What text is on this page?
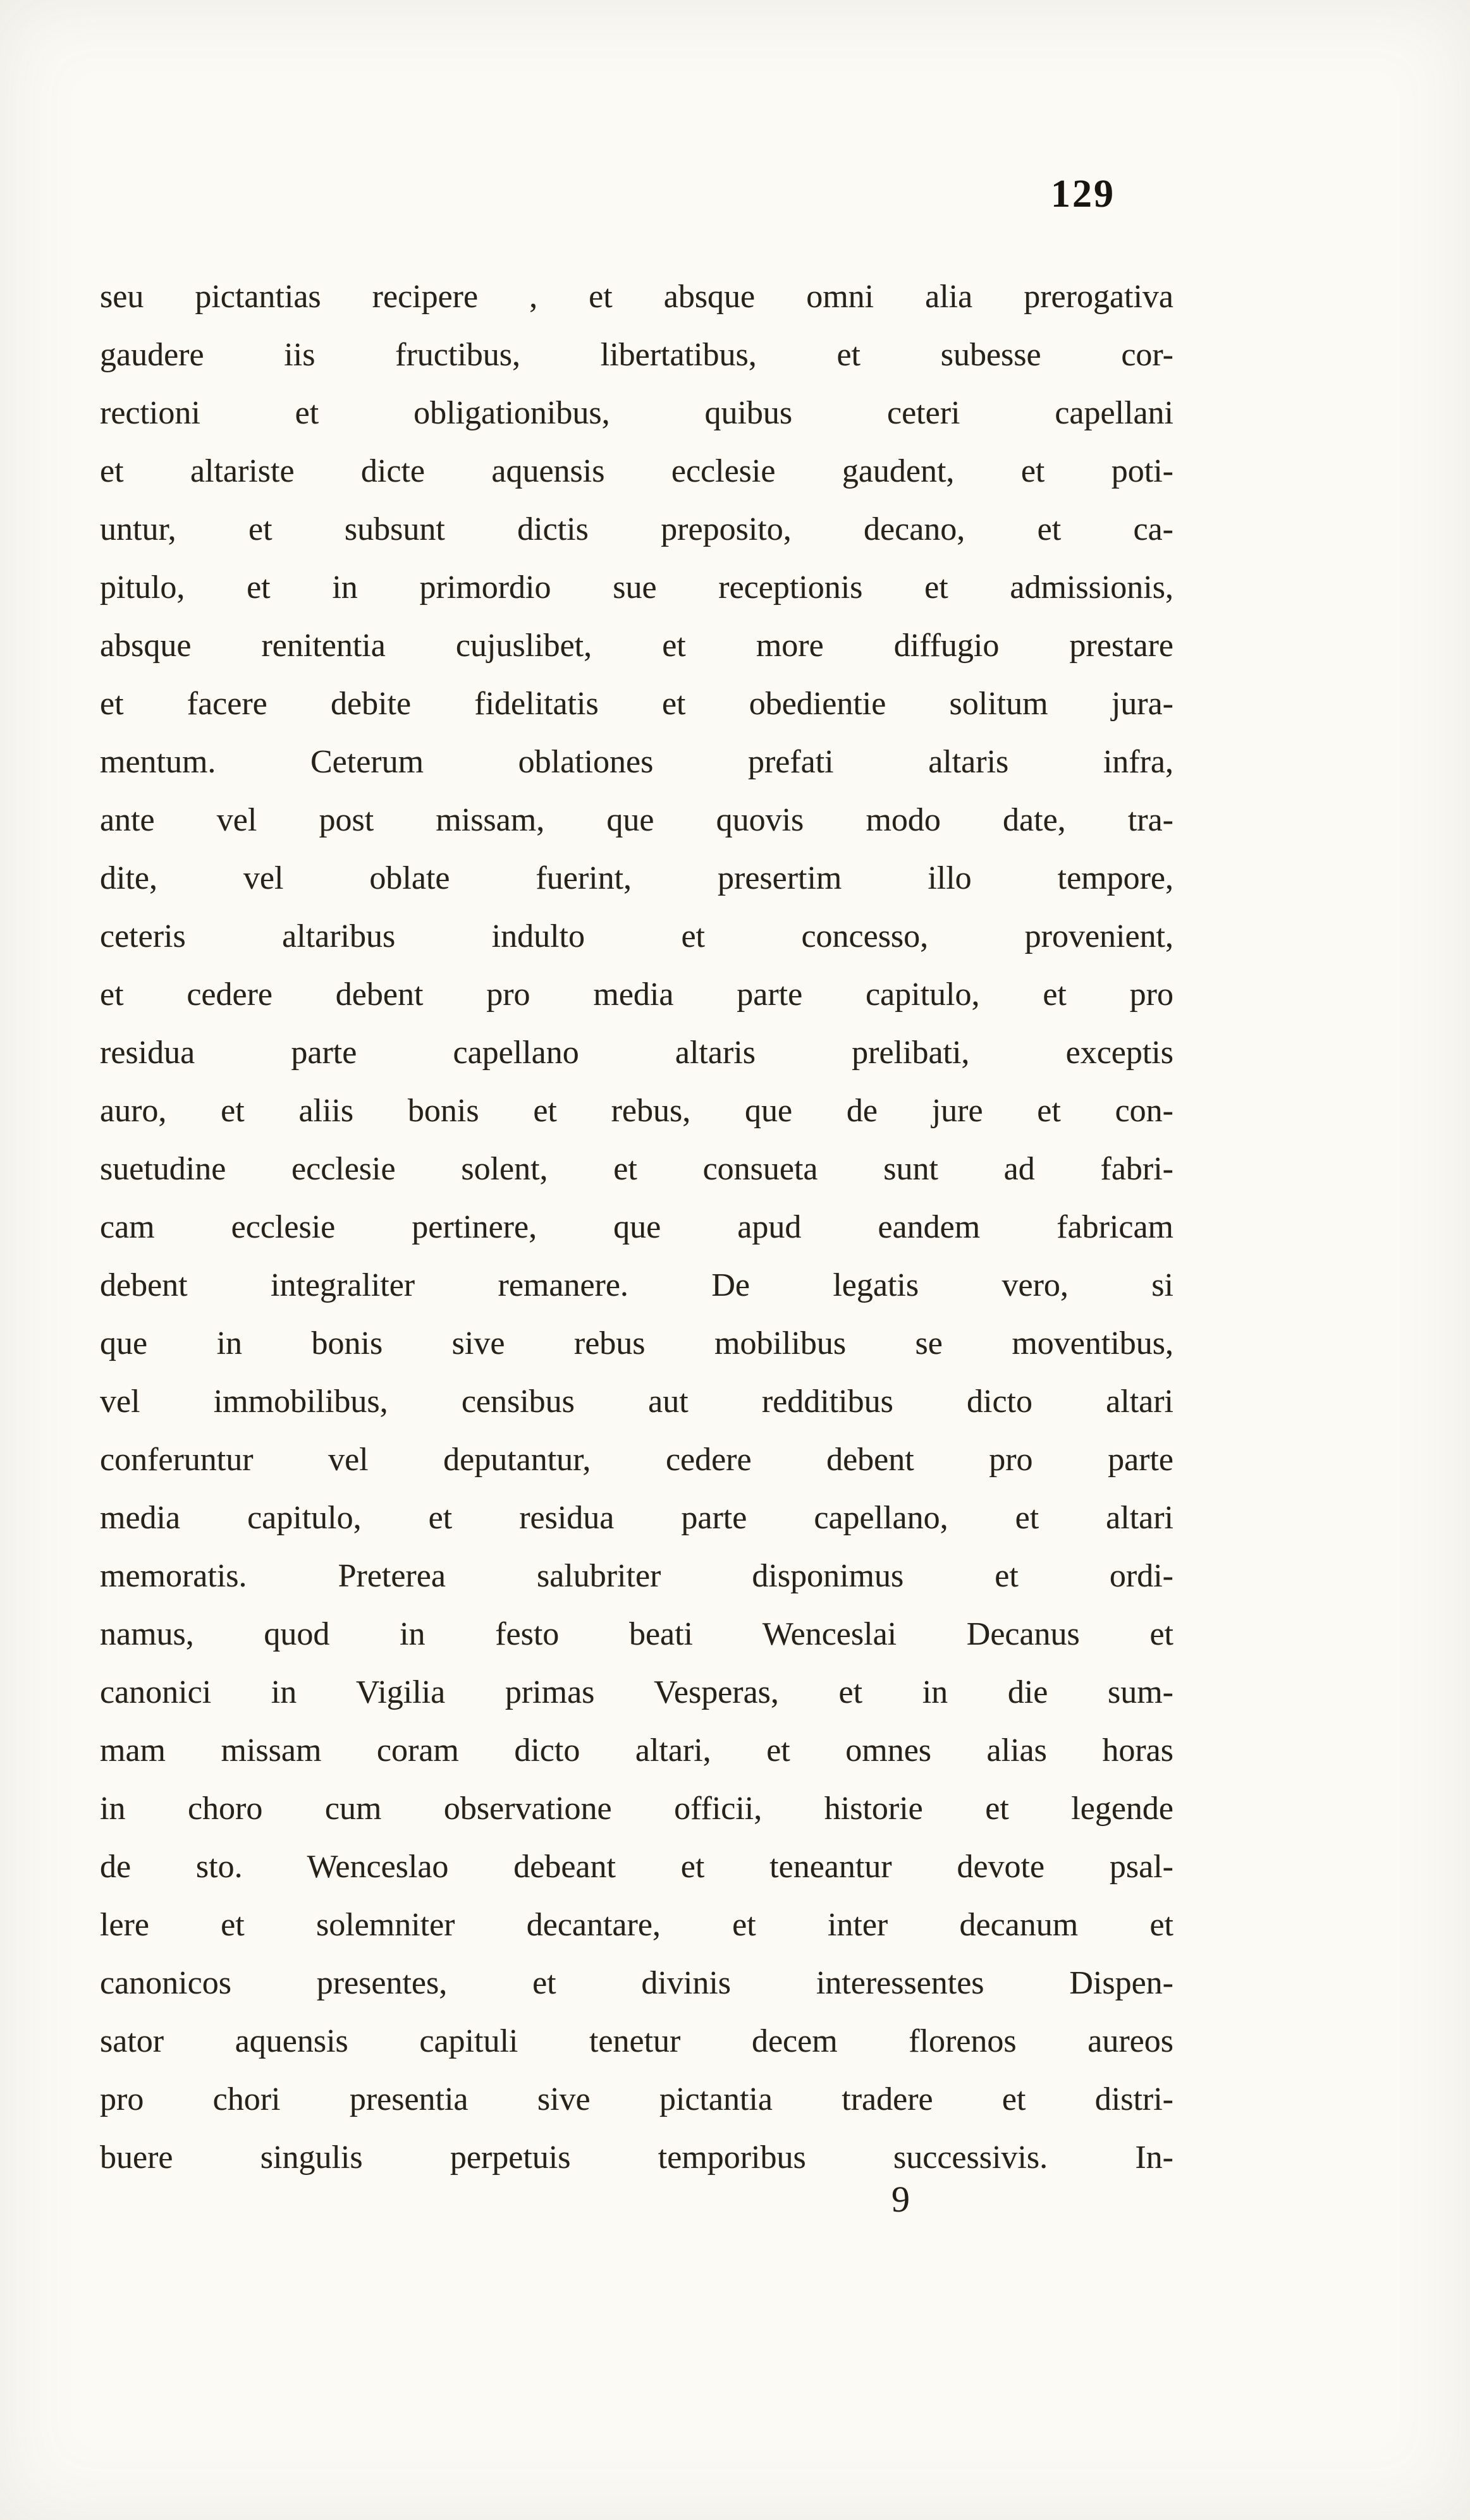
129
seu pictantias recipere , et absque omni alia prerogativa
gaudere iis fructibus, libertatibus, et subesse cor-
rectioni et obligationibus, quibus ceteri capellani
et altariste dicte aquensis ecclesie gaudent, et poti-
untur, et subsunt dictis preposito, decano, et ca-
pitulo, et in primordio sue receptionis et admissionis,
absque renitentia cujuslibet, et more diffugio prestare
et facere debite fidelitatis et obedientie solitum jura-
mentum. Ceterum oblationes prefati altaris infra,
ante vel post missam, que quovis modo date, tra-
dite, vel oblate fuerint, presertim illo tempore,
ceteris altaribus indulto et concesso, provenient,
et cedere debent pro media parte capitulo, et pro
residua parte capellano altaris prelibati, exceptis
auro, et aliis bonis et rebus, que de jure et con-
suetudine ecclesie solent, et consueta sunt ad fabri-
cam ecclesie pertinere, que apud eandem fabricam
debent integraliter remanere. De legatis vero, si
que in bonis sive rebus mobilibus se moventibus,
vel immobilibus, censibus aut redditibus dicto altari
conferuntur vel deputantur, cedere debent pro parte
media capitulo, et residua parte capellano, et altari
memoratis. Preterea salubriter disponimus et ordi-
namus, quod in festo beati Wenceslai Decanus et
canonici in Vigilia primas Vesperas, et in die sum-
mam missam coram dicto altari, et omnes alias horas
in choro cum observatione officii, historie et legende
de sto. Wenceslao debeant et teneantur devote psal-
lere et solemniter decantare, et inter decanum et
canonicos presentes, et divinis interessentes Dispen-
sator aquensis capituli tenetur decem florenos aureos
pro chori presentia sive pictantia tradere et distri-
buere singulis perpetuis temporibus successivis. In-
9
